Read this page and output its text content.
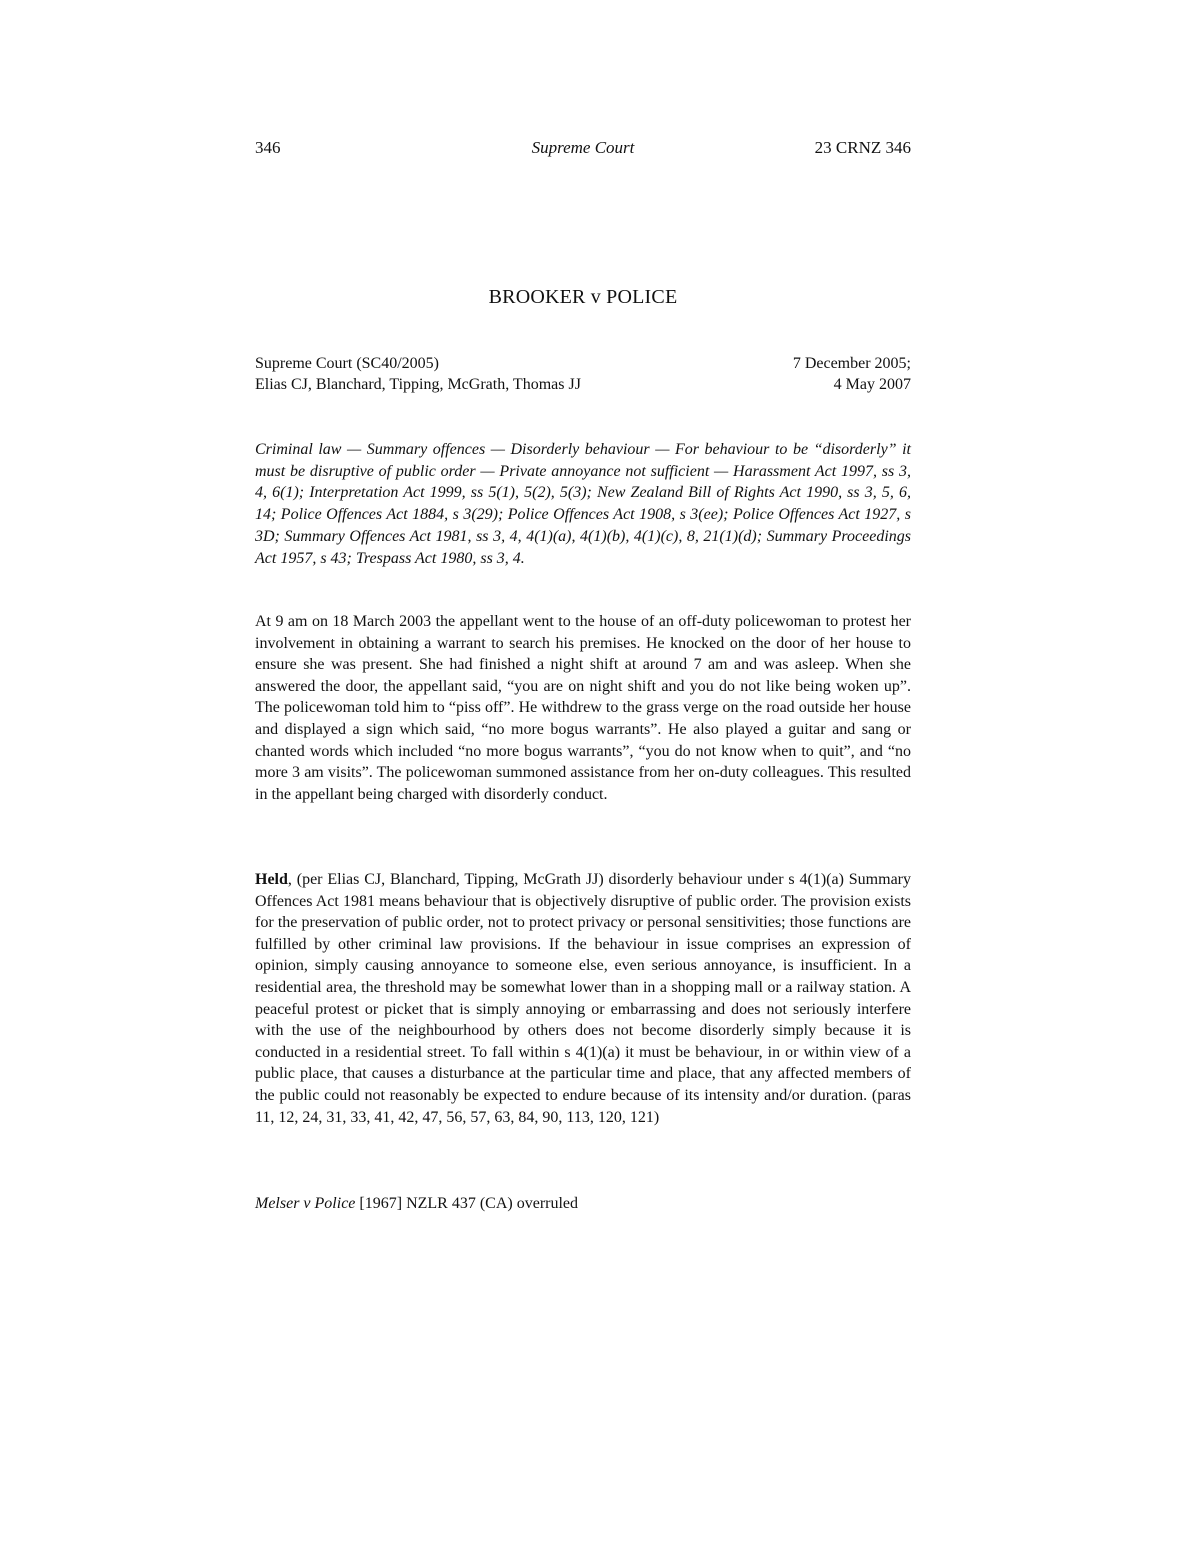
346	Supreme Court	23 CRNZ 346
BROOKER v POLICE
Supreme Court (SC40/2005)	7 December 2005;
Elias CJ, Blanchard, Tipping, McGrath, Thomas JJ	4 May 2007

Criminal law — Summary offences — Disorderly behaviour — For behaviour to be “disorderly” it must be disruptive of public order — Private annoyance not sufficient — Harassment Act 1997, ss 3, 4, 6(1); Interpretation Act 1999, ss 5(1), 5(2), 5(3); New Zealand Bill of Rights Act 1990, ss 3, 5, 6, 14; Police Offences Act 1884, s 3(29); Police Offences Act 1908, s 3(ee); Police Offences Act 1927, s 3D; Summary Offences Act 1981, ss 3, 4, 4(1)(a), 4(1)(b), 4(1)(c), 8, 21(1)(d); Summary Proceedings Act 1957, s 43; Trespass Act 1980, ss 3, 4.

At 9 am on 18 March 2003 the appellant went to the house of an off-duty policewoman to protest her involvement in obtaining a warrant to search his premises. He knocked on the door of her house to ensure she was present. She had finished a night shift at around 7 am and was asleep. When she answered the door, the appellant said, “you are on night shift and you do not like being woken up”. The policewoman told him to “piss off”. He withdrew to the grass verge on the road outside her house and displayed a sign which said, “no more bogus warrants”. He also played a guitar and sang or chanted words which included “no more bogus warrants”, “you do not know when to quit”, and “no more 3 am visits”. The policewoman summoned assistance from her on-duty colleagues. This resulted in the appellant being charged with disorderly conduct.

Held, (per Elias CJ, Blanchard, Tipping, McGrath JJ) disorderly behaviour under s 4(1)(a) Summary Offences Act 1981 means behaviour that is objectively disruptive of public order. The provision exists for the preservation of public order, not to protect privacy or personal sensitivities; those functions are fulfilled by other criminal law provisions. If the behaviour in issue comprises an expression of opinion, simply causing annoyance to someone else, even serious annoyance, is insufficient. In a residential area, the threshold may be somewhat lower than in a shopping mall or a railway station. A peaceful protest or picket that is simply annoying or embarrassing and does not seriously interfere with the use of the neighbourhood by others does not become disorderly simply because it is conducted in a residential street. To fall within s 4(1)(a) it must be behaviour, in or within view of a public place, that causes a disturbance at the particular time and place, that any affected members of the public could not reasonably be expected to endure because of its intensity and/or duration. (paras 11, 12, 24, 31, 33, 41, 42, 47, 56, 57, 63, 84, 90, 113, 120, 121)

Melser v Police [1967] NZLR 437 (CA) overruled
